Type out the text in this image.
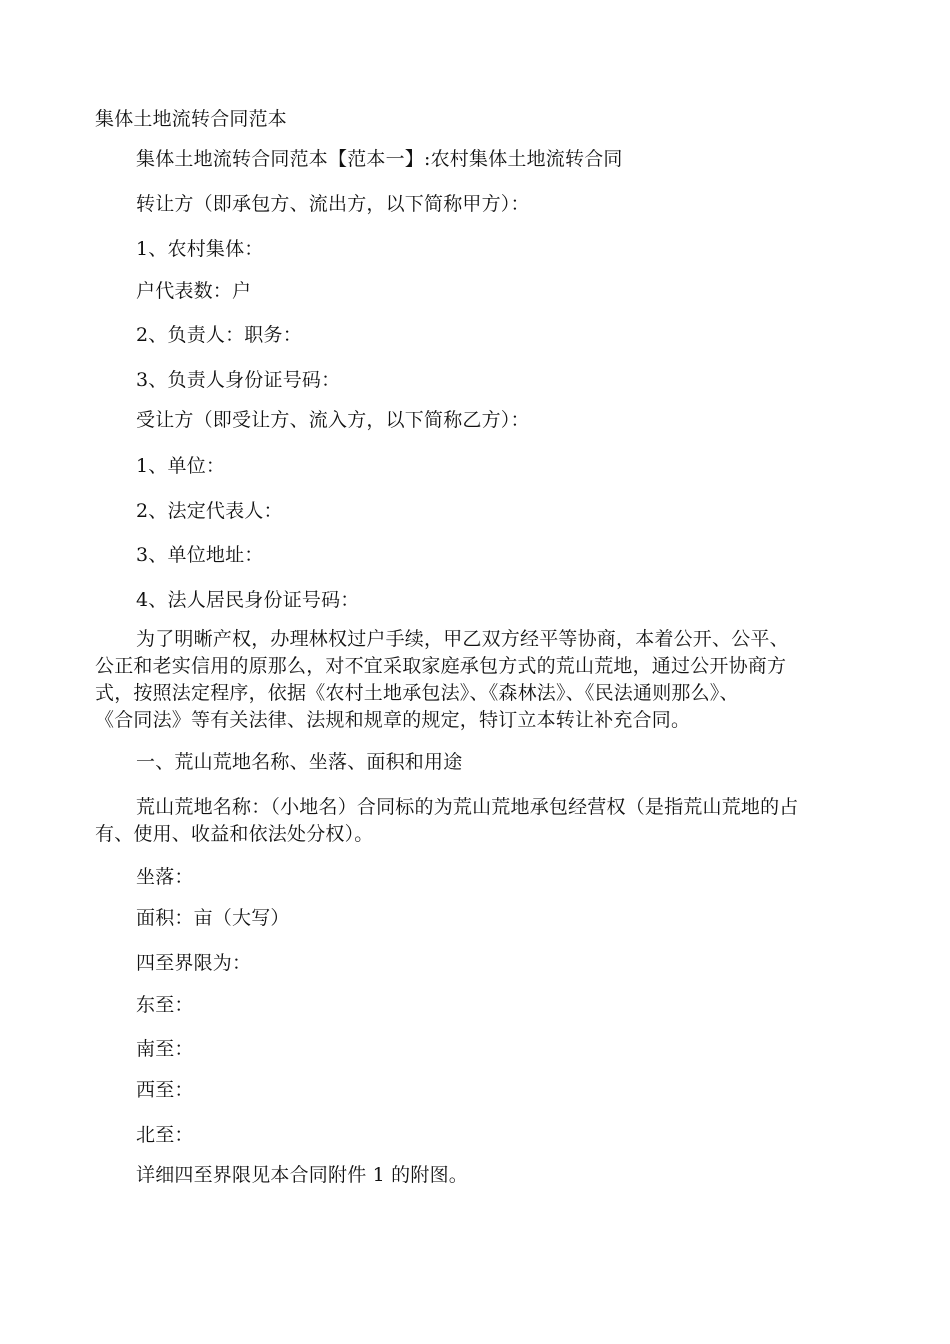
集体土地流转合同范本
集体土地流转合同范本【范本一】:农村集体土地流转合同
转让方（即承包方、流出方，以下简称甲方）：
1、农村集体：
户代表数：户
2、负责人：职务：
3、负责人身份证号码：
受让方（即受让方、流入方，以下简称乙方）：
1、单位：
2、法定代表人：
3、单位地址：
4、法人居民身份证号码：
为了明晰产权，办理林权过户手续，甲乙双方经平等协商，本着公开、公平、
公正和老实信用的原那么，对不宜采取家庭承包方式的荒山荒地，通过公开协商方
式，按照法定程序，依据《农村土地承包法》、《森林法》、《民法通则那么》、
《合同法》等有关法律、法规和规章的规定，特订立本转让补充合同。
一、荒山荒地名称、坐落、面积和用途
荒山荒地名称：（小地名）合同标的为荒山荒地承包经营权（是指荒山荒地的占
有、使用、收益和依法处分权）。
坐落：
面积：亩（大写）
四至界限为：
东至：
南至：
西至：
北至：
详细四至界限见本合同附件 1 的附图。
